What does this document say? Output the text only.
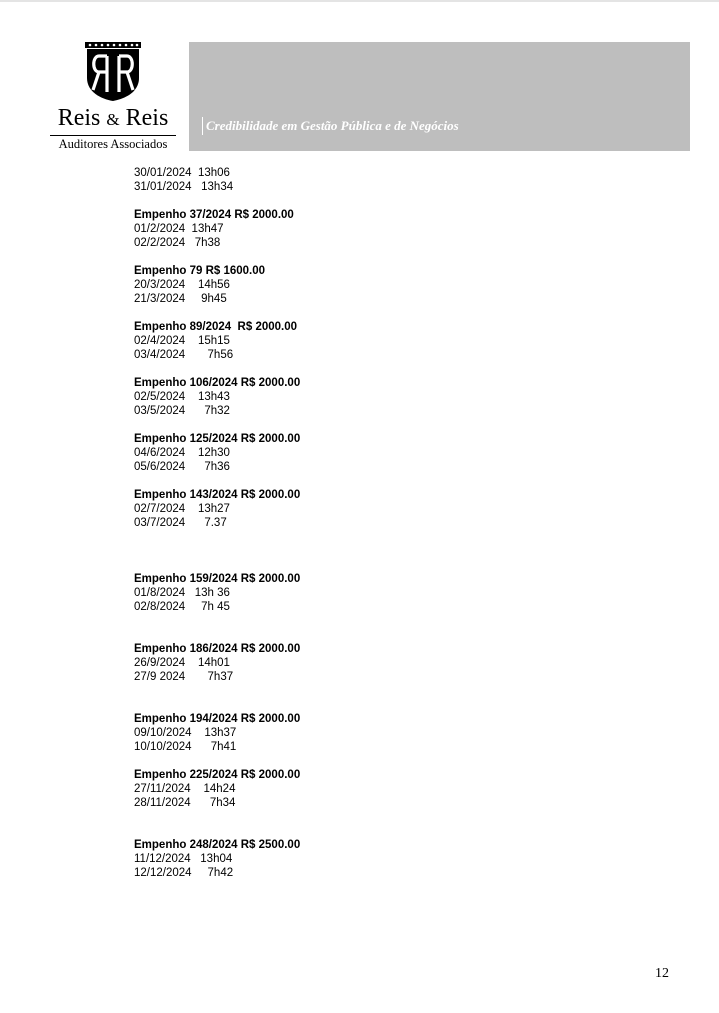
Reis & Reis
Auditores Associados
Credibilidade em Gestão Pública e de Negócios
30/01/2024  13h06
31/01/2024   13h34
Empenho 37/2024 R$ 2000.00
01/2/2024  13h47
02/2/2024   7h38
Empenho 79 R$ 1600.00
20/3/2024    14h56
21/3/2024     9h45
Empenho 89/2024  R$ 2000.00
02/4/2024    15h15
03/4/2024       7h56
Empenho 106/2024 R$ 2000.00
02/5/2024    13h43
03/5/2024      7h32
Empenho 125/2024 R$ 2000.00
04/6/2024    12h30
05/6/2024      7h36
Empenho 143/2024 R$ 2000.00
02/7/2024    13h27
03/7/2024      7.37
Empenho 159/2024 R$ 2000.00
01/8/2024   13h 36
02/8/2024     7h 45
Empenho 186/2024 R$ 2000.00
26/9/2024    14h01
27/9 2024       7h37
Empenho 194/2024 R$ 2000.00
09/10/2024    13h37
10/10/2024      7h41
Empenho 225/2024 R$ 2000.00
27/11/2024    14h24
28/11/2024      7h34
Empenho 248/2024 R$ 2500.00
11/12/2024   13h04
12/12/2024     7h42
12
